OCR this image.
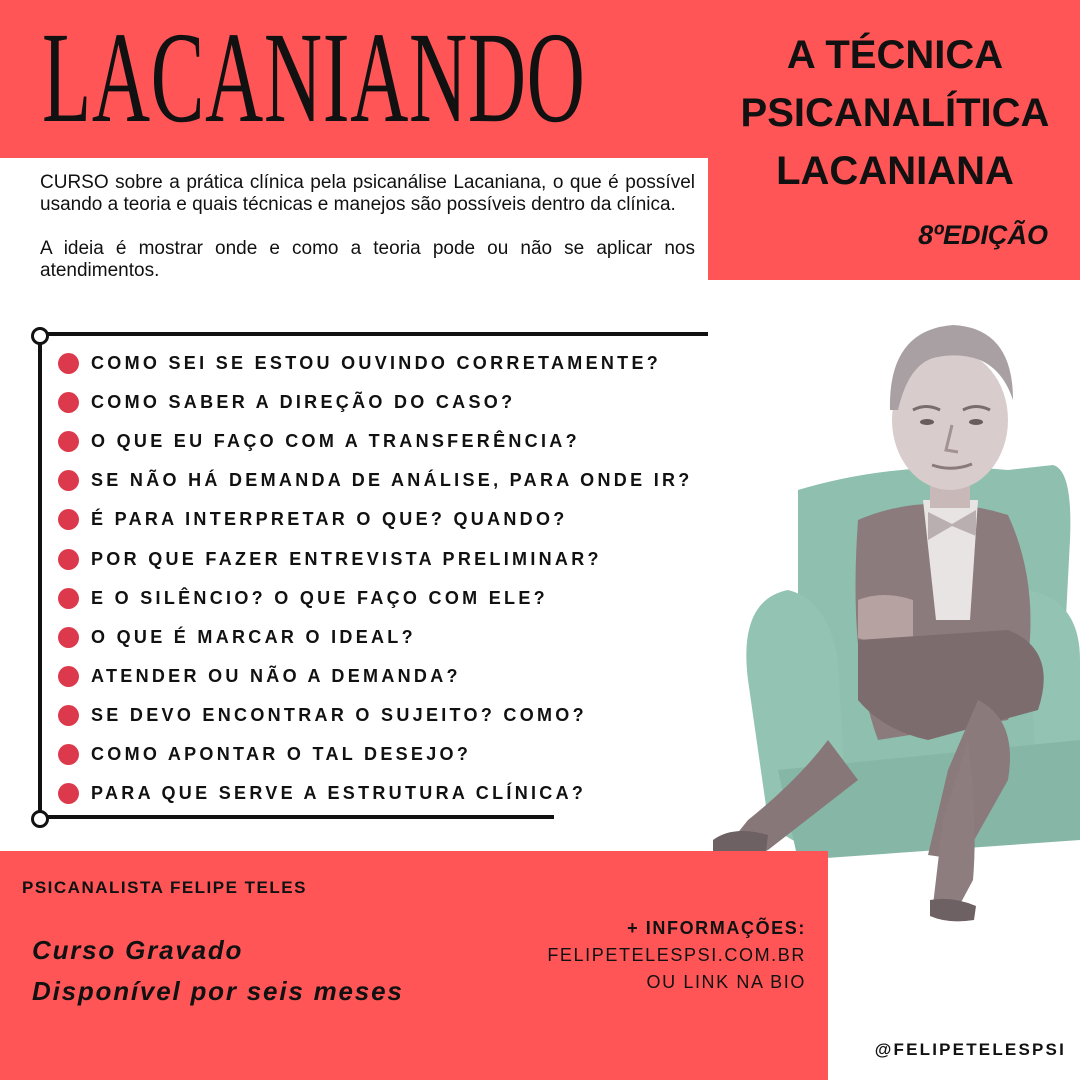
LACANIANDO	A TÉCNICA
PSICANALÍTICA
LACANIANA

8ºEDIÇÃO

CURSO sobre a prática clínica pela psicanálise Lacaniana, o que é possível usando a teoria e quais técnicas e manejos são possíveis dentro da clínica.

A ideia é mostrar onde e como a teoria pode ou não se aplicar nos atendimentos.

COMO SEI SE ESTOU OUVINDO CORRETAMENTE?
COMO SABER A DIREÇÃO DO CASO?
O QUE EU FAÇO COM A TRANSFERÊNCIA?
SE NÃO HÁ DEMANDA DE ANÁLISE, PARA ONDE IR?
É PARA INTERPRETAR O QUE? QUANDO?
POR QUE FAZER ENTREVISTA PRELIMINAR?
E O SILÊNCIO? O QUE FAÇO COM ELE?
O QUE É MARCAR O IDEAL?
ATENDER OU NÃO A DEMANDA?
SE DEVO ENCONTRAR O SUJEITO? COMO?
COMO APONTAR O TAL DESEJO?
PARA QUE SERVE A ESTRUTURA CLÍNICA?

PSICANALISTA FELIPE TELES

Curso Gravado
Disponível por seis meses
+ INFORMAÇÕES:
FELIPETELESPSI.COM.BR
OU LINK NA BIO
@FELIPETELESPSI
